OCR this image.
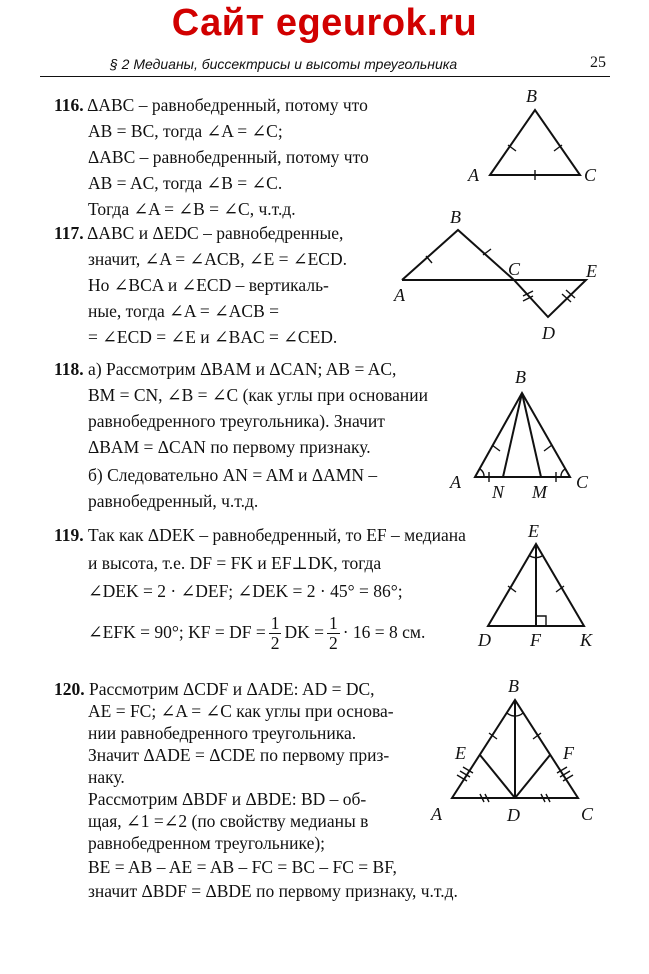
Сайт egeurok.ru
§ 2 Медианы, биссектрисы и высоты треугольника	25
116. ΔABC – равнобедренный, потому что
AB = BC, тогда ∠A = ∠C;
ΔABC – равнобедренный, потому что
AB = AC, тогда ∠B = ∠C.
Тогда ∠A = ∠B = ∠C, ч.т.д.
B
A	C
117. ΔABC и ΔEDC – равнобедренные,
значит, ∠A = ∠ACB, ∠E = ∠ECD.
Но ∠BCA и ∠ECD – вертикаль-
ные, тогда ∠A = ∠ACB =
= ∠ECD = ∠E и ∠BAC = ∠CED.
B
A
C	E
D
118. а) Рассмотрим ΔBAM и ΔCAN; AB = AC,
BM = CN, ∠B = ∠C (как углы при основании
равнобедренного треугольника). Значит
ΔBAM = ΔCAN по первому признаку.
б) Следовательно AN = AM и ΔAMN –
равнобедренный, ч.т.д.
B
A	C
N M
119. Так как ΔDEK – равнобедренный, то EF – медиана
и высота, т.е. DF = FK и EF⊥DK, тогда
∠DEK = 2 · ∠DEF; ∠DEK = 2 · 45° = 86°;
∠EFK = 90°; KF = DF = $\frac{1}{2}$ DK = $\frac{1}{2} \cdot 16 = 8$ см.
E
D F K
120. Рассмотрим ΔCDF и ΔADE: AD = DC,
AE = FC; ∠A = ∠C как углы при основа-
нии равнобедренного треугольника.
Значит ΔADE = ΔCDE по первому приз-
наку.
Рассмотрим ΔBDF и ΔBDE: BD – об-
щая, ∠1 =∠2 (по свойству медианы в
равнобедренном треугольнике);
BE = AB – AE = AB – FC = BC – FC = BF,
значит ΔBDF = ΔBDE по первому признаку, ч.т.д.
B
E	F
A	D	C
